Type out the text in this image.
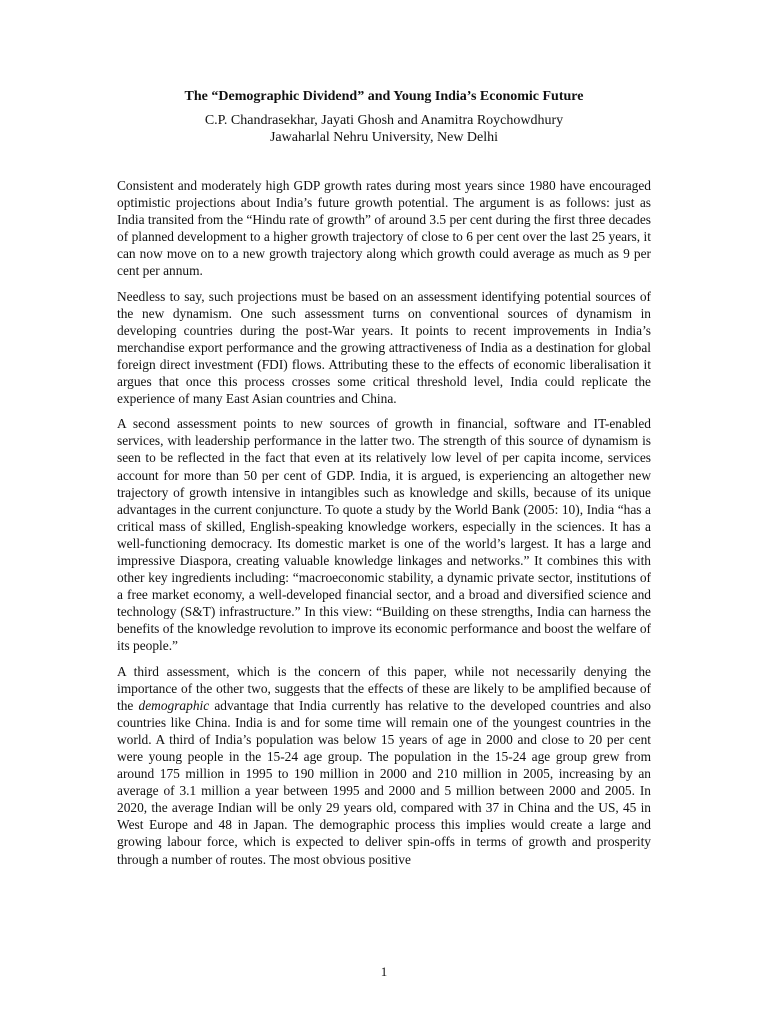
The “Demographic Dividend” and Young India’s Economic Future

C.P. Chandrasekhar, Jayati Ghosh and Anamitra Roychowdhury

Jawaharlal Nehru University, New Delhi

Consistent and moderately high GDP growth rates during most years since 1980 have encouraged optimistic projections about India’s future growth potential. The argument is as follows: just as India transited from the “Hindu rate of growth” of around 3.5 per cent during the first three decades of planned development to a higher growth trajectory of close to 6 per cent over the last 25 years, it can now move on to a new growth trajectory along which growth could average as much as 9 per cent per annum.

Needless to say, such projections must be based on an assessment identifying potential sources of the new dynamism. One such assessment turns on conventional sources of dynamism in developing countries during the post-War years. It points to recent improvements in India’s merchandise export performance and the growing attractiveness of India as a destination for global foreign direct investment (FDI) flows. Attributing these to the effects of economic liberalisation it argues that once this process crosses some critical threshold level, India could replicate the experience of many East Asian countries and China.

A second assessment points to new sources of growth in financial, software and IT-enabled services, with leadership performance in the latter two. The strength of this source of dynamism is seen to be reflected in the fact that even at its relatively low level of per capita income, services account for more than 50 per cent of GDP. India, it is argued, is experiencing an altogether new trajectory of growth intensive in intangibles such as knowledge and skills, because of its unique advantages in the current conjuncture. To quote a study by the World Bank (2005: 10), India “has a critical mass of skilled, English-speaking knowledge workers, especially in the sciences. It has a well-functioning democracy. Its domestic market is one of the world’s largest. It has a large and impressive Diaspora, creating valuable knowledge linkages and networks.” It combines this with other key ingredients including: “macroeconomic stability, a dynamic private sector, institutions of a free market economy, a well-developed financial sector, and a broad and diversified science and technology (S&T) infrastructure.” In this view: “Building on these strengths, India can harness the benefits of the knowledge revolution to improve its economic performance and boost the welfare of its people.”

A third assessment, which is the concern of this paper, while not necessarily denying the importance of the other two, suggests that the effects of these are likely to be amplified because of the demographic advantage that India currently has relative to the developed countries and also countries like China. India is and for some time will remain one of the youngest countries in the world. A third of India’s population was below 15 years of age in 2000 and close to 20 per cent were young people in the 15-24 age group. The population in the 15-24 age group grew from around 175 million in 1995 to 190 million in 2000 and 210 million in 2005, increasing by an average of 3.1 million a year between 1995 and 2000 and 5 million between 2000 and 2005. In 2020, the average Indian will be only 29 years old, compared with 37 in China and the US, 45 in West Europe and 48 in Japan. The demographic process this implies would create a large and growing labour force, which is expected to deliver spin-offs in terms of growth and prosperity through a number of routes. The most obvious positive

1
